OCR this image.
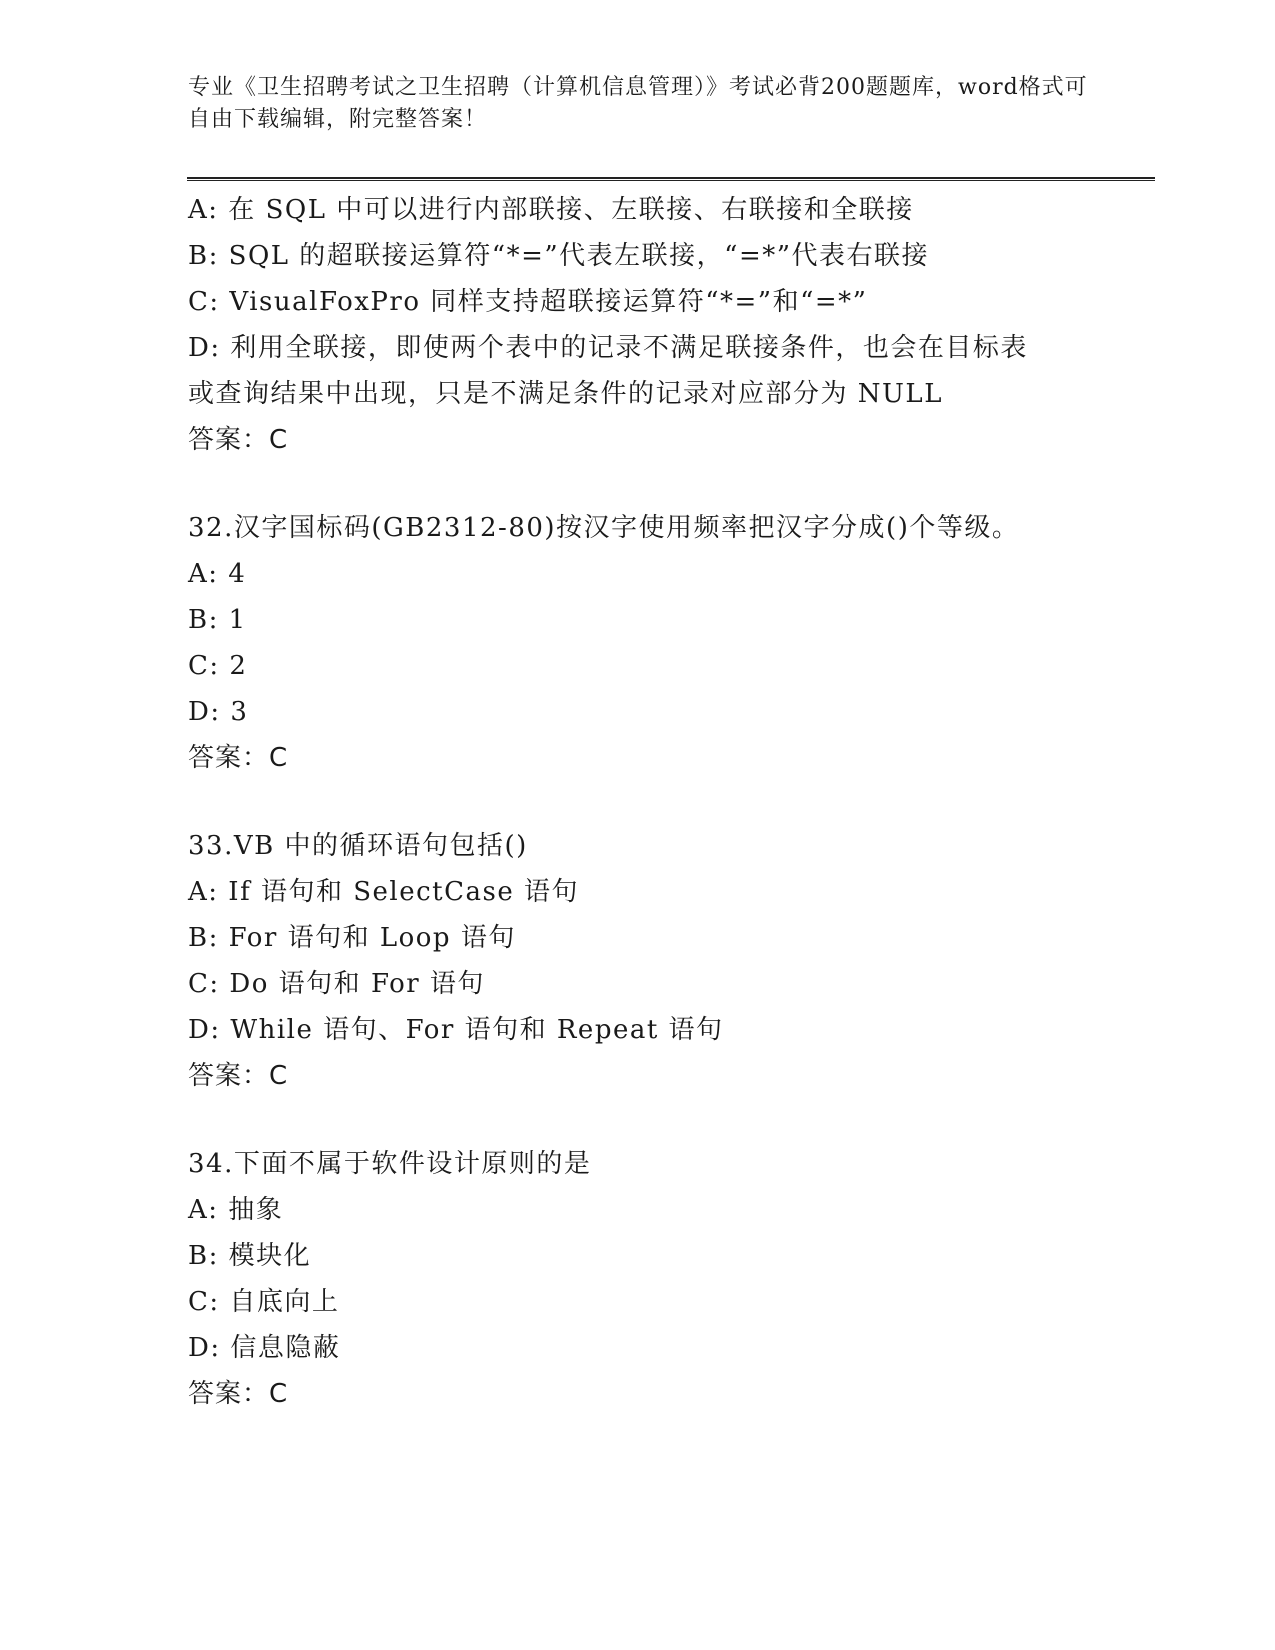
专业《卫生招聘考试之卫生招聘（计算机信息管理）》考试必背200题题库，word格式可自由下载编辑，附完整答案！
A: 在 SQL 中可以进行内部联接、左联接、右联接和全联接
B: SQL 的超联接运算符“*=”代表左联接，“=*”代表右联接
C: VisualFoxPro 同样支持超联接运算符“*=”和“=*”
D: 利用全联接，即使两个表中的记录不满足联接条件，也会在目标表或查询结果中出现，只是不满足条件的记录对应部分为 NULL
答案：C
32.汉字国标码(GB2312-80)按汉字使用频率把汉字分成()个等级。
A: 4
B: 1
C: 2
D: 3
答案：C
33.VB 中的循环语句包括()
A: If 语句和 SelectCase 语句
B: For 语句和 Loop 语句
C: Do 语句和 For 语句
D: While 语句、For 语句和 Repeat 语句
答案：C
34.下面不属于软件设计原则的是
A: 抽象
B: 模块化
C: 自底向上
D: 信息隐蔽
答案：C
